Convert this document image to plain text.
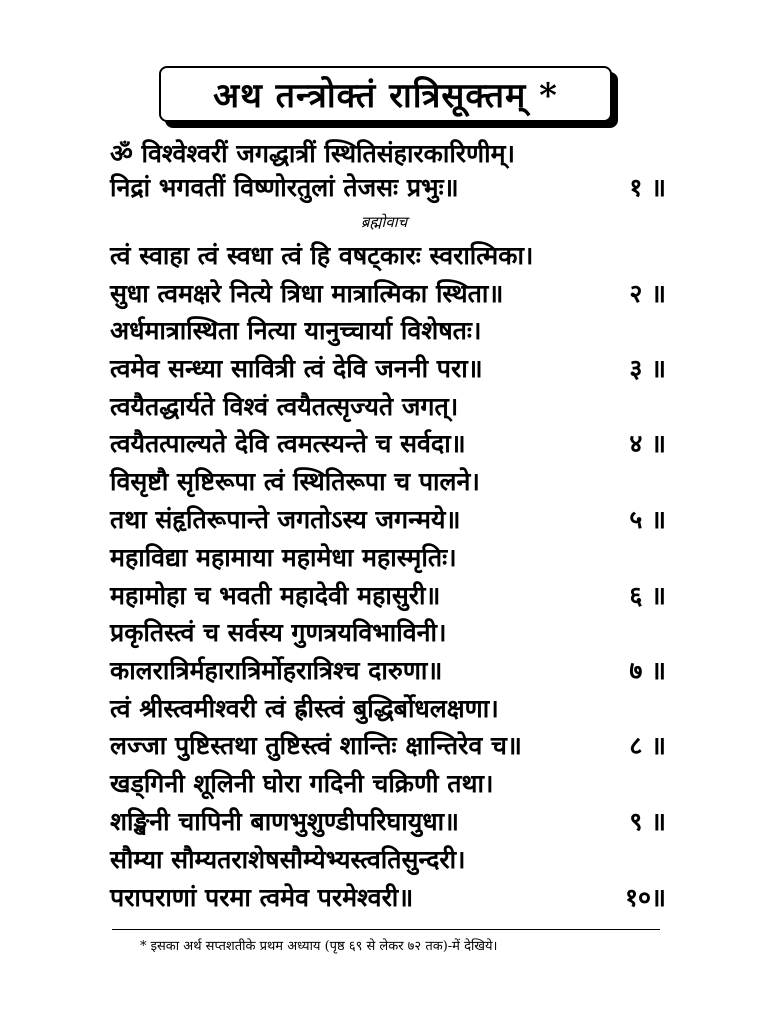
अथ तन्त्रोक्तं रात्रिसूक्तम् *
ॐ विश्वेश्वरीं जगद्धात्रीं स्थितिसंहारकारिणीम्।
निद्रां भगवतीं विष्णोरतुलां तेजसः प्रभुः॥	१ ॥
ब्रह्मोवाच
त्वं स्वाहा त्वं स्वधा त्वं हि वषट्कारः स्वरात्मिका।
सुधा त्वमक्षरे नित्ये त्रिधा मात्रात्मिका स्थिता॥	२ ॥
अर्धमात्रास्थिता नित्या यानुच्चार्या विशेषतः।
त्वमेव सन्ध्या सावित्री त्वं देवि जननी परा॥	३ ॥
त्वयैतद्धार्यते विश्वं त्वयैतत्सृज्यते जगत्।
त्वयैतत्पाल्यते देवि त्वमत्स्यन्ते च सर्वदा॥	४ ॥
विसृष्टौ सृष्टिरूपा त्वं स्थितिरूपा च पालने।
तथा संहृतिरूपान्ते जगतोऽस्य जगन्मये॥	५ ॥
महाविद्या महामाया महामेधा महास्मृतिः।
महामोहा च भवती महादेवी महासुरी॥	६ ॥
प्रकृतिस्त्वं च सर्वस्य गुणत्रयविभाविनी।
कालरात्रिर्महारात्रिर्मोहरात्रिश्च दारुणा॥	७ ॥
त्वं श्रीस्त्वमीश्वरी त्वं ह्रीस्त्वं बुद्धिर्बोधलक्षणा।
लज्जा पुष्टिस्तथा तुष्टिस्त्वं शान्तिः क्षान्तिरेव च॥	८ ॥
खड्गिनी शूलिनी घोरा गदिनी चक्रिणी तथा।
शङ्खिनी चापिनी बाणभुशुण्डीपरिघायुधा॥	९ ॥
सौम्या सौम्यतराशेषसौम्येभ्यस्त्वतिसुन्दरी।
परापराणां परमा त्वमेव परमेश्वरी॥	१०॥
* इसका अर्थ सप्तशतीके प्रथम अध्याय (पृष्ठ ६९ से लेकर ७२ तक)-में देखिये।
